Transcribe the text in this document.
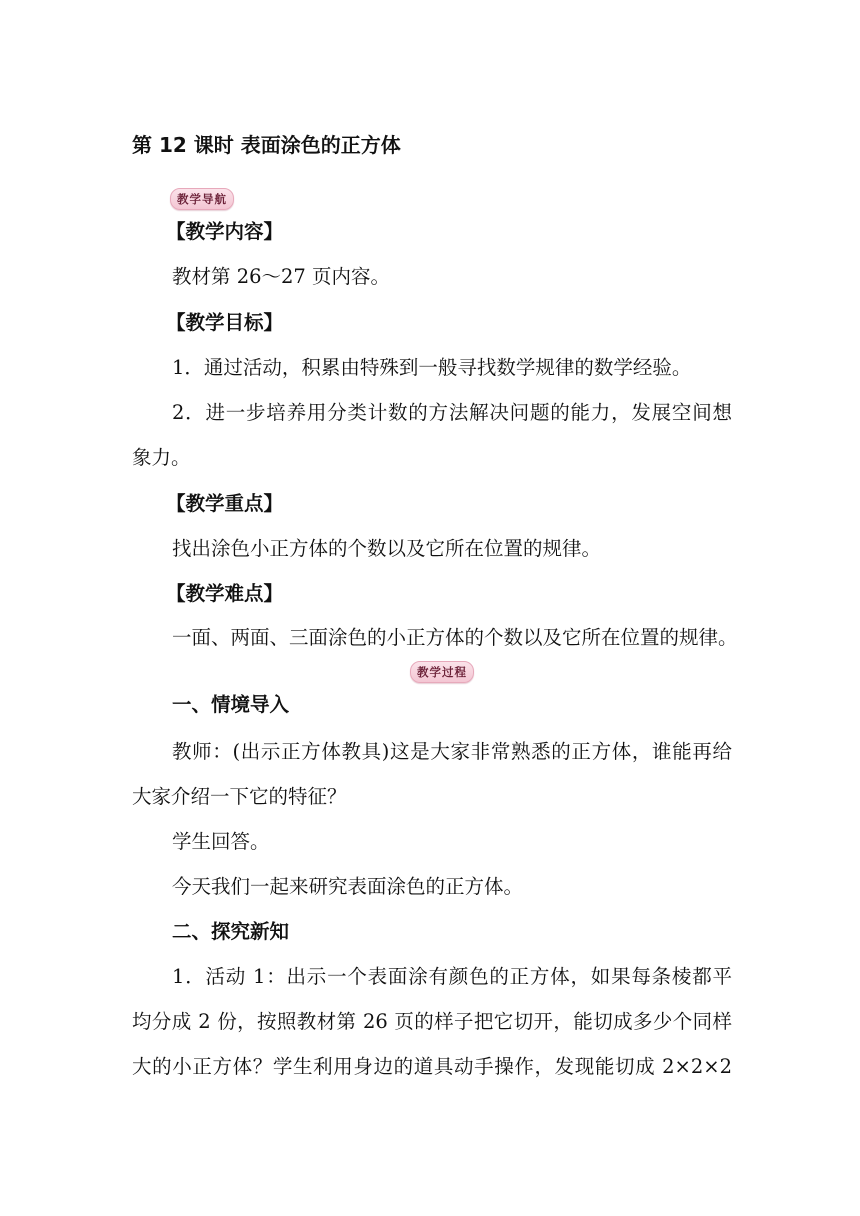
第 12 课时 表面涂色的正方体
教学导航
【教学内容】
教材第 26～27 页内容。
【教学目标】
1．通过活动，积累由特殊到一般寻找数学规律的数学经验。
2．进一步培养用分类计数的方法解决问题的能力，发展空间想
象力。
【教学重点】
找出涂色小正方体的个数以及它所在位置的规律。
【教学难点】
一面、两面、三面涂色的小正方体的个数以及它所在位置的规律。
教学过程
一、情境导入
教师：(出示正方体教具)这是大家非常熟悉的正方体，谁能再给
大家介绍一下它的特征？
学生回答。
今天我们一起来研究表面涂色的正方体。
二、探究新知
1．活动 1：出示一个表面涂有颜色的正方体，如果每条棱都平
均分成 2 份，按照教材第 26 页的样子把它切开，能切成多少个同样
大的小正方体？学生利用身边的道具动手操作，发现能切成 2×2×2
